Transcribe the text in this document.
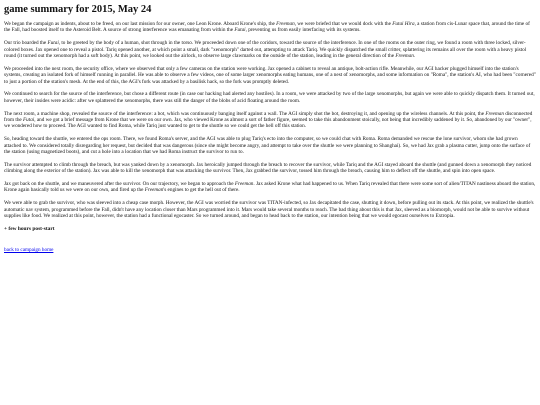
game summary for 2015, May 24

We began the campaign as indents, about to be freed, on our last mission for our owner, one Leon Krone. Aboard Krone's ship, the Freeman, we were briefed that we would dock with the Futai Hira, a station from cis-Lunar space that, around the time of the Fall, had boosted itself to the Asteroid Belt. A source of strong interference was emanating from within the Futai, preventing us from easily interfacing with its systems.

Our trio boarded the Futai, to be greeted by the body of a human, shot through in the torso. We proceeded down one of the coridors, toward the source of the interference. In one of the rooms on the outer ring, we found a room with three locked, silver-colored boxes. Jax opened one to reveal a pistol. Tariq opened another, at which point a small, dark "xenomorph" darted out, attempting to attack Tariq. We quickly dispatched the small critter, splattering its remains all over the room with a heavy pistol round (it turned out the xenomorph had a soft body). At this point, we looked out the airlock, to observe large clawmarks on the outside of the station, leading in the general direction of the Freeman.

We proceeded into the next room, the security office, where we observed that only a few cameras on the station were working. Jax opened a cabinet to reveal an antique, bolt-action rifle. Meanwhile, our AGI hacker plugged himself into the station's systems, creating an isolated fork of himself running in parallel. He was able to observe a few videos, one of some larger xenomorphs eating humans, one of a nest of xenomorphs, and some information on "Roma", the station's AI, who had been "cornered" to just a portion of the station's mesh. At the end of this, the AGI's fork was attacked by a basilisk hack, so the fork was promptly deleted.

We continued to search for the source of the interference, but chose a different route (in case our hacking had alerted any hostiles). In a room, we were attacked by two of the large xenomorphs, but again we were able to quickly dispatch them. It turned out, however, their insides were acidic: after we splattered the xenomorphs, there was still the danger of the blobs of acid floating around the room.

The next room, a machine shop, revealed the source of the interference: a bot, which was continuously banging itself against a wall. The AGI simply shot the bot, destroying it, and opening up the wireless channels. At this point, the Freeman disconnected from the Futai, and we got a brief message from Krone that we were on our own. Jax, who viewed Krone as almost a sort of father figure, seemed to take this abandonment stoically, not being that incredibly saddened by it. So, abandoned by our "owner", we wondered how to proceed. The AGI wanted to find Roma, while Tariq just wanted to get to the shuttle so we could get the hell off this station.

So, heading toward the shuttle, we entered the ops room. There, we found Roma's server, and the AGI was able to plug Tariq's ecto into the computer, so we could chat with Roma. Roma demanded we rescue the lone survivor, whom she had grown attached to. We considered totally disregarding her request, but decided that was dangerous (since she might become angry, and attempt to take over the shuttle we were planning to Shanghai). So, we had Jax grab a plasma cutter, jump onto the surface of the station (using magnetized boots), and cut a hole into a location that we had Roma instruct the survivor to run to.

The survivor attempted to climb through the breach, but was yanked down by a xenomorph. Jax heroically jumped through the breach to recover the survivor, while Tariq and the AGI stayed aboard the shuttle (and gunned down a xenomorph they noticed climbing along the exterior of the station). Jax was able to kill the xenomorph that was attacking the survivor. Then, Jax grabbed the survivor, tossed him through the breach, causing him to deflect off the shuttle, and spin into open space.

Jax got back on the shuttle, and we maneuvered after the survivor. On our trajectory, we began to approach the Freeman. Jax asked Krone what had happened to us. When Tariq revealed that there were some sort of alien/TITAN nastiness aboard the station, Krone again basically told us we were on our own, and fired up the Freeman's engines to get the hell out of there.

We were able to grab the survivor, who was sleeved into a cheap case morph. However, the AGI was worried the survivor was TITAN-infected, so Jax decapitated the case, shutting it down, before pulling out its stack. At this point, we realized the shuttle's automatic nav system, programmed before the Fall, didn't have any location closer than Mars programmed into it. Mars would take several months to reach. The bad thing about this is that Jax, sleeved as a biomorph, would not be able to survive without supplies like food. We realized at this point, however, the station had a functional egocaster. So we turned around, and began to head back to the station, our intention being that we would egocast ourselves to Extropia.

+ few hours post-start
back to campaign home
